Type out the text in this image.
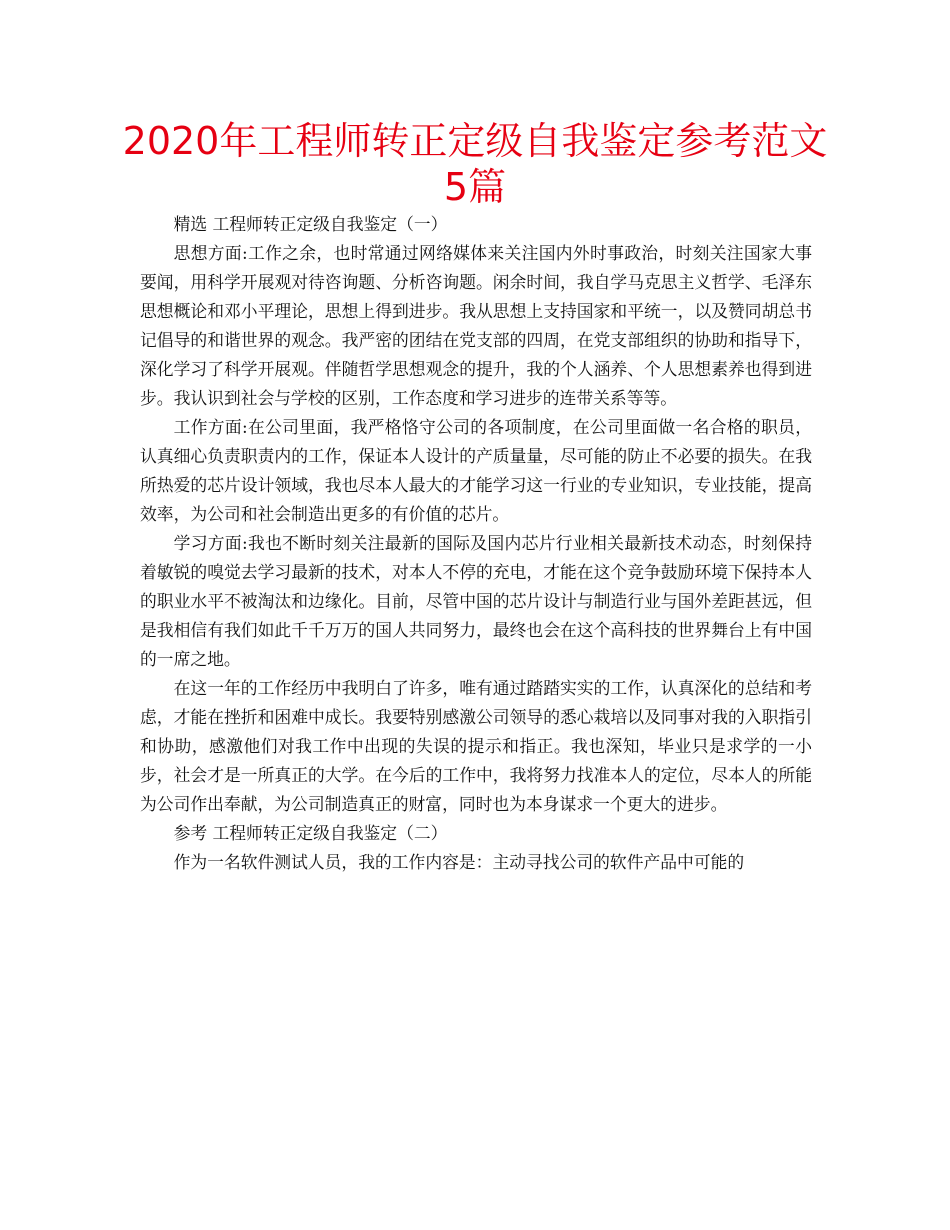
2020年工程师转正定级自我鉴定参考范文
5篇

精选 工程师转正定级自我鉴定（一）

思想方面:工作之余，也时常通过网络媒体来关注国内外时事政治，时刻关注国家大事要闻，用科学开展观对待咨询题、分析咨询题。闲余时间，我自学马克思主义哲学、毛泽东思想概论和邓小平理论，思想上得到进步。我从思想上支持国家和平统一，以及赞同胡总书记倡导的和谐世界的观念。我严密的团结在党支部的四周，在党支部组织的协助和指导下，深化学习了科学开展观。伴随哲学思想观念的提升，我的个人涵养、个人思想素养也得到进步。我认识到社会与学校的区别，工作态度和学习进步的连带关系等等。

工作方面:在公司里面，我严格恪守公司的各项制度，在公司里面做一名合格的职员，认真细心负责职责内的工作，保证本人设计的产质量量，尽可能的防止不必要的损失。在我所热爱的芯片设计领域，我也尽本人最大的才能学习这一行业的专业知识，专业技能，提高效率，为公司和社会制造出更多的有价值的芯片。

学习方面:我也不断时刻关注最新的国际及国内芯片行业相关最新技术动态，时刻保持着敏锐的嗅觉去学习最新的技术，对本人不停的充电，才能在这个竞争鼓励环境下保持本人的职业水平不被淘汰和边缘化。目前，尽管中国的芯片设计与制造行业与国外差距甚远，但是我相信有我们如此千千万万的国人共同努力，最终也会在这个高科技的世界舞台上有中国的一席之地。

在这一年的工作经历中我明白了许多，唯有通过踏踏实实的工作，认真深化的总结和考虑，才能在挫折和困难中成长。我要特别感激公司领导的悉心栽培以及同事对我的入职指引和协助，感激他们对我工作中出现的失误的提示和指正。我也深知，毕业只是求学的一小步，社会才是一所真正的大学。在今后的工作中，我将努力找准本人的定位，尽本人的所能为公司作出奉献，为公司制造真正的财富，同时也为本身谋求一个更大的进步。

参考 工程师转正定级自我鉴定（二）

作为一名软件测试人员，我的工作内容是：主动寻找公司的软件产品中可能的
